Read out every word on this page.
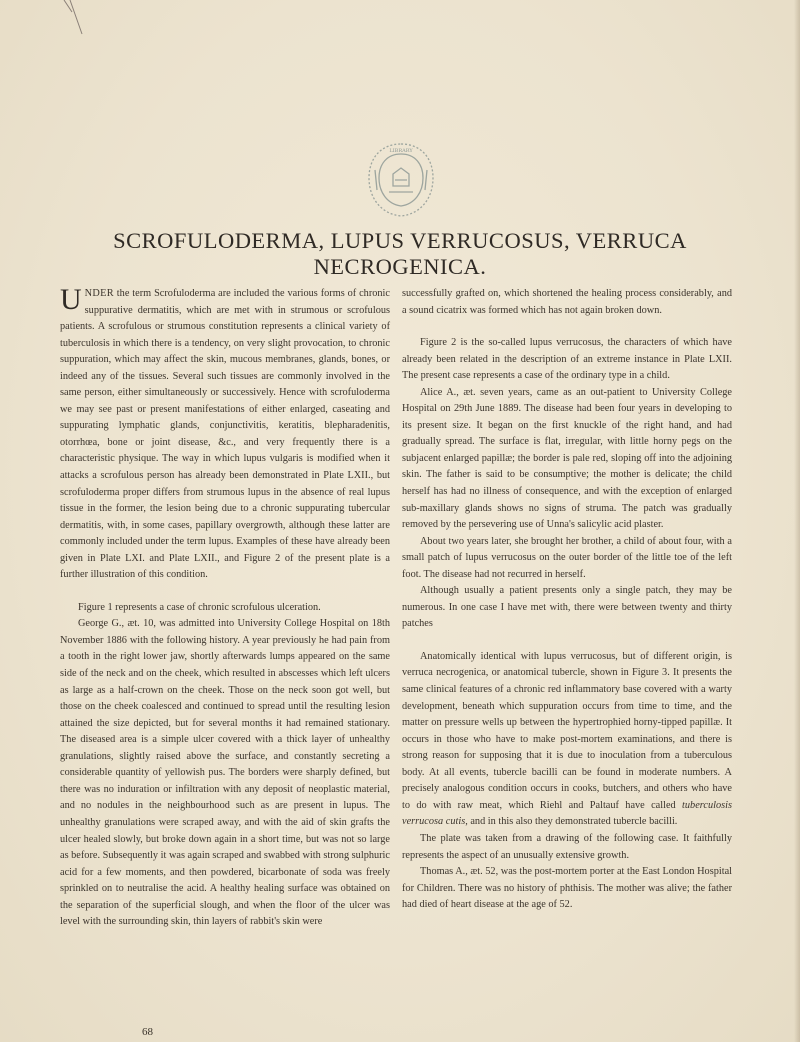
LIBRARY
SCROFULODERMA, LUPUS VERRUCOSUS, VERRUCA
NECROGENICA.

UNDER the term Scrofuloderma are included the various forms of chronic suppurative dermatitis, which are met with in strumous or scrofulous patients. A scrofulous or strumous constitution represents a clinical variety of tuberculosis in which there is a tendency, on very slight provocation, to chronic suppuration, which may affect the skin, mucous membranes, glands, bones, or indeed any of the tissues. Several such tissues are commonly involved in the same person, either simultaneously or successively. Hence with scrofuloderma we may see past or present manifestations of either enlarged, caseating and suppurating lymphatic glands, conjunctivitis, keratitis, blepharadenitis, otorrhœa, bone or joint disease, &c., and very frequently there is a characteristic physique. The way in which lupus vulgaris is modified when it attacks a scrofulous person has already been demonstrated in Plate LXII., but scrofuloderma proper differs from strumous lupus in the absence of real lupus tissue in the former, the lesion being due to a chronic suppurating tubercular dermatitis, with, in some cases, papillary overgrowth, although these latter are commonly included under the term lupus. Examples of these have already been given in Plate LXI. and Plate LXII., and Figure 2 of the present plate is a further illustration of this condition.

Figure 1 represents a case of chronic scrofulous ulceration.

George G., æt. 10, was admitted into University College Hospital on 18th November 1886 with the following history. A year previously he had pain from a tooth in the right lower jaw, shortly afterwards lumps appeared on the same side of the neck and on the cheek, which resulted in abscesses which left ulcers as large as a half-crown on the cheek. Those on the neck soon got well, but those on the cheek coalesced and continued to spread until the resulting lesion attained the size depicted, but for several months it had remained stationary. The diseased area is a simple ulcer covered with a thick layer of unhealthy granulations, slightly raised above the surface, and constantly secreting a considerable quantity of yellowish pus. The borders were sharply defined, but there was no induration or infiltration with any deposit of neoplastic material, and no nodules in the neighbourhood such as are present in lupus. The unhealthy granulations were scraped away, and with the aid of skin grafts the ulcer healed slowly, but broke down again in a short time, but was not so large as before. Subsequently it was again scraped and swabbed with strong sulphuric acid for a few moments, and then powdered, bicarbonate of soda was freely sprinkled on to neutralise the acid. A healthy healing surface was obtained on the separation of the superficial slough, and when the floor of the ulcer was level with the surrounding skin, thin layers of rabbit's skin were

successfully grafted on, which shortened the healing process considerably, and a sound cicatrix was formed which has not again broken down.

Figure 2 is the so-called lupus verrucosus, the characters of which have already been related in the description of an extreme instance in Plate LXII. The present case represents a case of the ordinary type in a child.

Alice A., æt. seven years, came as an out-patient to University College Hospital on 29th June 1889. The disease had been four years in developing to its present size. It began on the first knuckle of the right hand, and had gradually spread. The surface is flat, irregular, with little horny pegs on the subjacent enlarged papillæ; the border is pale red, sloping off into the adjoining skin. The father is said to be consumptive; the mother is delicate; the child herself has had no illness of consequence, and with the exception of enlarged sub-maxillary glands shows no signs of struma. The patch was gradually removed by the persevering use of Unna's salicylic acid plaster.

About two years later, she brought her brother, a child of about four, with a small patch of lupus verrucosus on the outer border of the little toe of the left foot. The disease had not recurred in herself.

Although usually a patient presents only a single patch, they may be numerous. In one case I have met with, there were between twenty and thirty patches

Anatomically identical with lupus verrucosus, but of different origin, is verruca necrogenica, or anatomical tubercle, shown in Figure 3. It presents the same clinical features of a chronic red inflammatory base covered with a warty development, beneath which suppuration occurs from time to time, and the matter on pressure wells up between the hypertrophied horny-tipped papillæ. It occurs in those who have to make post-mortem examinations, and there is strong reason for supposing that it is due to inoculation from a tuberculous body. At all events, tubercle bacilli can be found in moderate numbers. A precisely analogous condition occurs in cooks, butchers, and others who have to do with raw meat, which Riehl and Paltauf have called tuberculosis verrucosa cutis, and in this also they demonstrated tubercle bacilli.

The plate was taken from a drawing of the following case. It faithfully represents the aspect of an unusually extensive growth.

Thomas A., æt. 52, was the post-mortem porter at the East London Hospital for Children. There was no history of phthisis. The mother was alive; the father had died of heart disease at the age of 52.

68
